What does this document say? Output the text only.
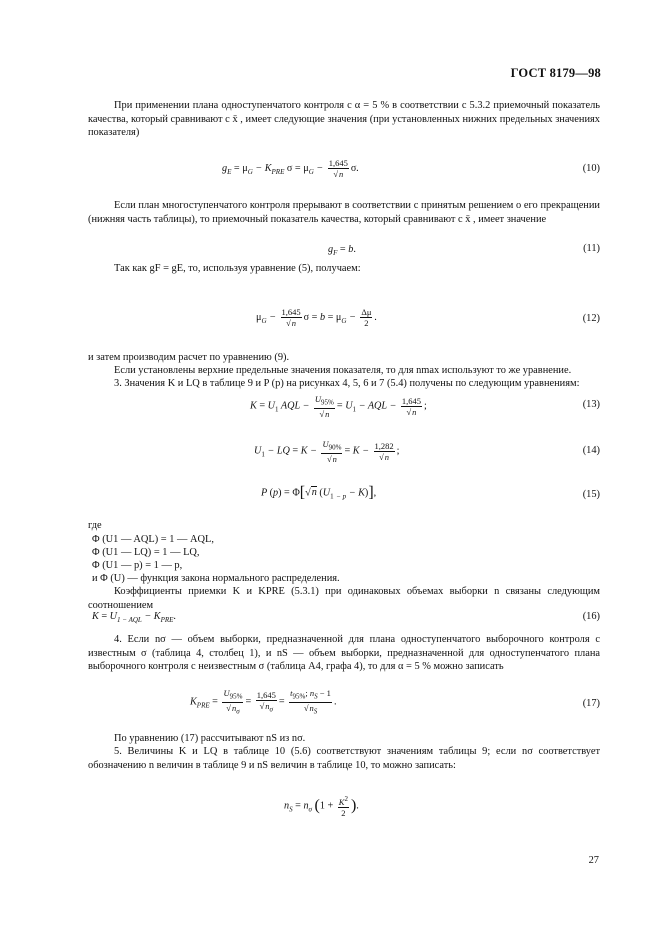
ГОСТ 8179—98
При применении плана одноступенчатого контроля с α = 5 % в соответствии с 5.3.2 приемочный показатель качества, который сравнивают с x̄ , имеет следующие значения (при установленных нижних предельных значениях показателя)
$g_E = \mu_G - K_{PRE}$ $\sigma = \mu_G - \frac{1,645}{√n} \sigma$.	(10)
Если план многоступенчатого контроля прерывают в соответствии с принятым решением о его прекращении (нижняя часть таблицы), то приемочный показатель качества, который сравнивают с x̄ , имеет значение
$g_F = b$.	(11)
Так как gF = gE, то, используя уравнение (5), получаем:
$\mu_G - \frac{1,645}{√n}$ $\sigma = b = \mu_G - \frac{\Delta\mu}{2}$ .	(12)
и затем производим расчет по уравнению (9).
Если установлены верхние предельные значения показателя, то для nmax используют то же уравнение.
3. Значения K и LQ в таблице 9 и P (p) на рисунках 4, 5, 6 и 7 (5.4) получены по следующим уравнениям:
$K = U_1$ AQL − $\frac{U_{95\%}}{√n} = U_1$ − AQL − $\frac{1,645}{√n}$ ;	(13)
$U_1$ − LQ = $K - \frac{U_{90\%}}{√n} = K - \frac{1,282}{√n}$ ;	(14)
P (p) = Φ[√n ($U_1$ $_{- p}$ − K)],	(15)
где
Φ (U1 — AQL) = 1 — AQL,
Φ (U1 — LQ) = 1 — LQ,
Φ (U1 — p) = 1 — p,
и Φ (U) — функция закона нормального распределения.
Коэффициенты приемки K и KPRE (5.3.1) при одинаковых объемах выборки n связаны следующим соотношением
$K = U_{1 - AQL} - K_{PRE}$.	(16)
4. Если nσ — объем выборки, предназначенной для плана одноступенчатого выборочного контроля с известным σ (таблица 4, столбец 1), и nS — объем выборки, предназначенной для одноступенчатого плана выборочного контроля с неизвестным σ (таблица А4, графа 4), то для α = 5 % можно записать
$K_{PRE} = \frac{U_{95\%}}{√n_\sigma} = \frac{1,645}{√n_\sigma} = \frac{t_{95\%}; n_S - 1}{√n_S}$ .	(17)
По уравнению (17) рассчитывают nS из nσ.
5. Величины K и LQ в таблице 10 (5.6) соответствуют значениям таблицы 9; если nσ соответствует обозначению n величин в таблице 9 и nS величин в таблице 10, то можно записать:
$n_S = n_\sigma$ ($1 + \frac{K^2}{2}$ ).
27
